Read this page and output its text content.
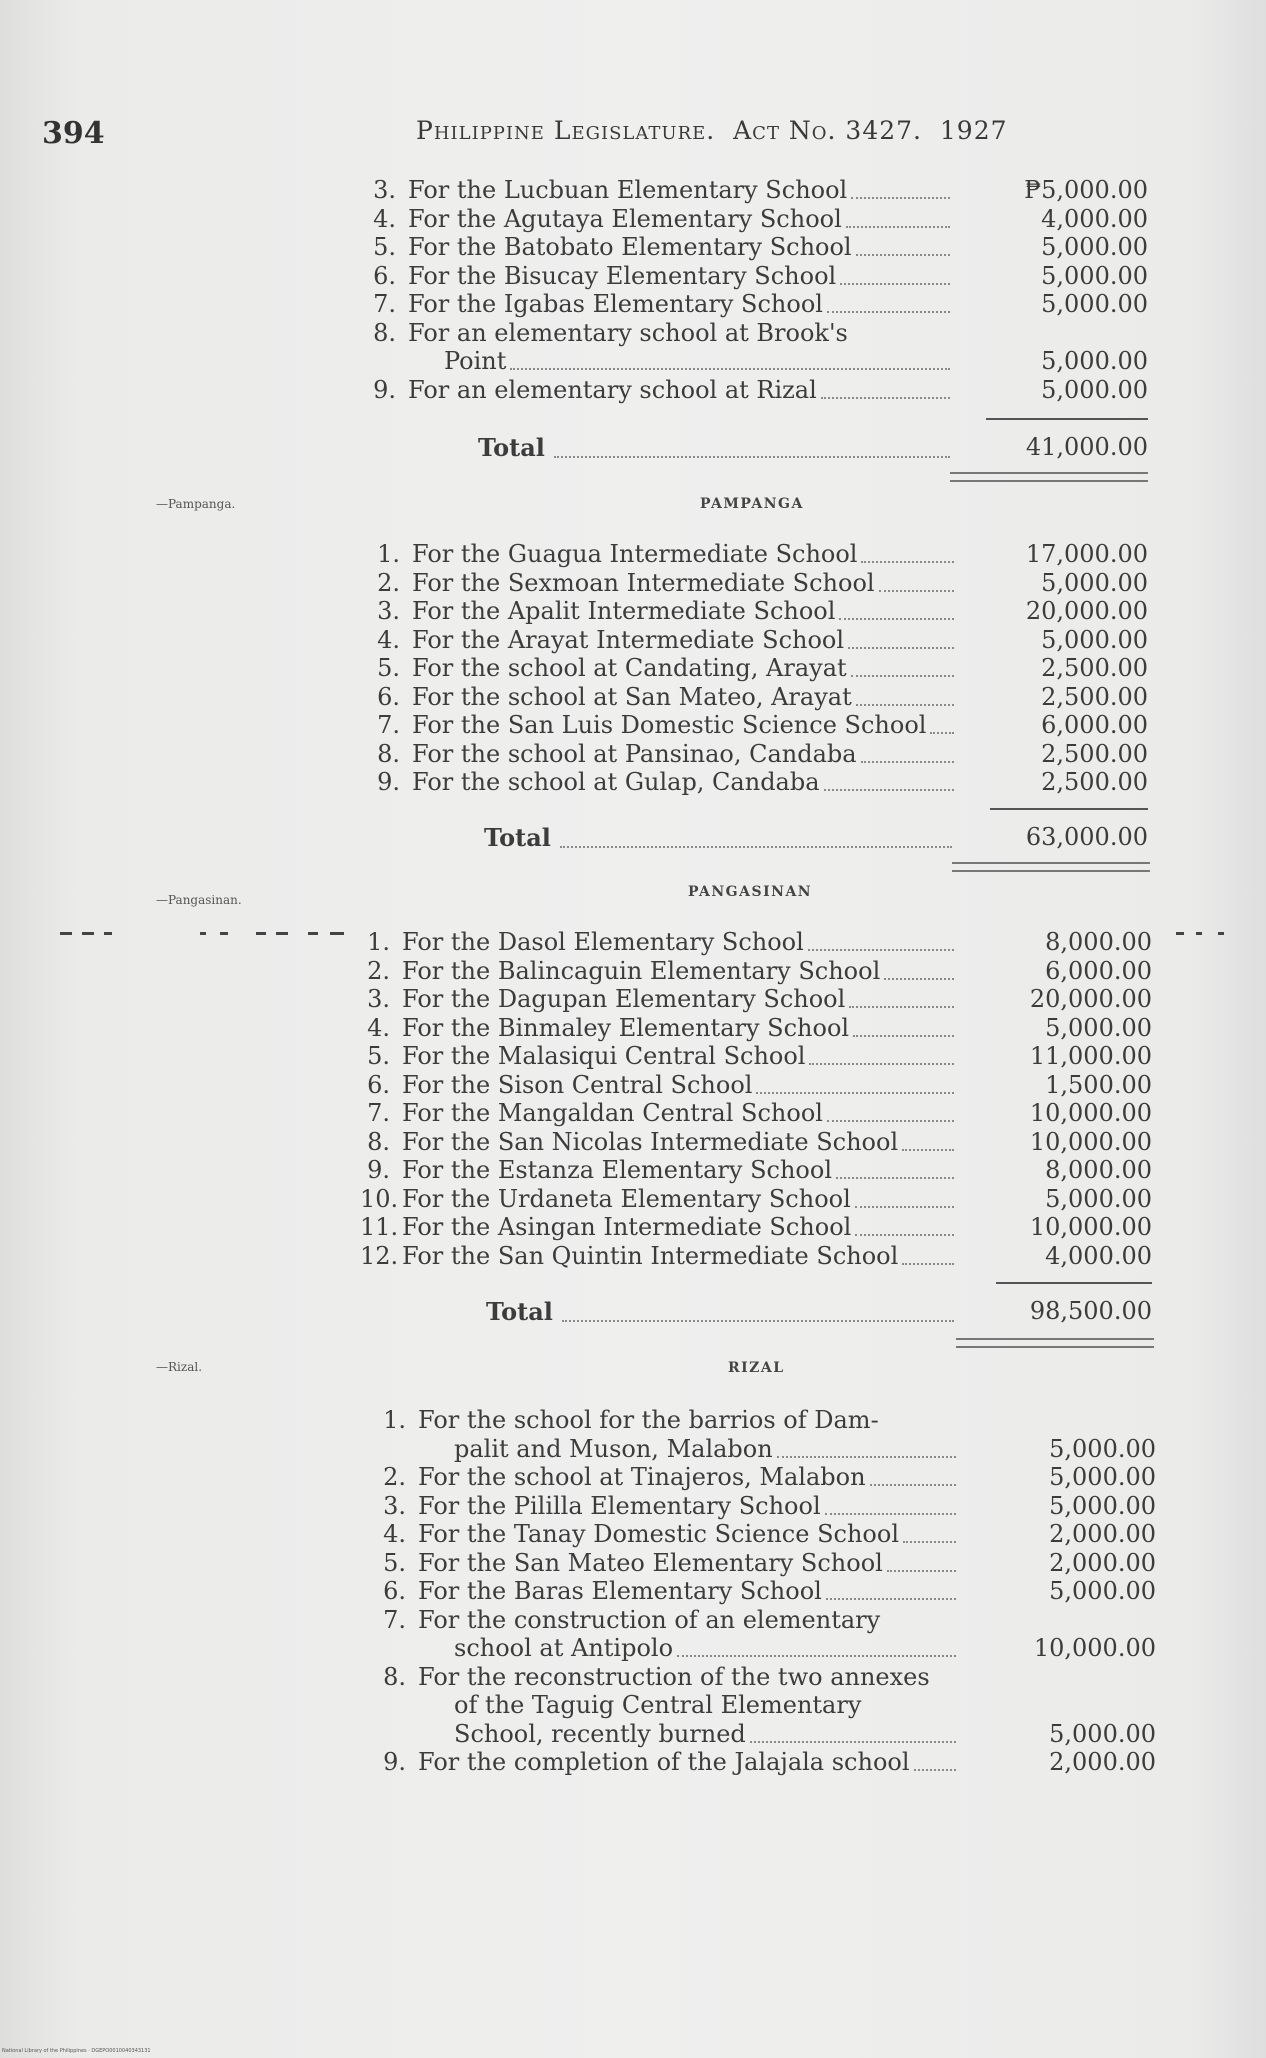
394	Philippine Legislature. Act No. 3427. 1927
3. For the Lucbuan Elementary School	₱5,000.00
4. For the Agutaya Elementary School	4,000.00
5. For the Batobato Elementary School	5,000.00
6. For the Bisucay Elementary School	5,000.00
7. For the Igabas Elementary School	5,000.00
8. For an elementary school at Brook's
Point	5,000.00
9. For an elementary school at Rizal	5,000.00
Total	41,000.00
—Pampanga.	PAMPANGA
1. For the Guagua Intermediate School	17,000.00
2. For the Sexmoan Intermediate School	5,000.00
3. For the Apalit Intermediate School	20,000.00
4. For the Arayat Intermediate School	5,000.00
5. For the school at Candating, Arayat	2,500.00
6. For the school at San Mateo, Arayat	2,500.00
7. For the San Luis Domestic Science School	6,000.00
8. For the school at Pansinao, Candaba	2,500.00
9. For the school at Gulap, Candaba	2,500.00
Total	63,000.00
—Pangasinan.	PANGASINAN
1. For the Dasol Elementary School	8,000.00
2. For the Balincaguin Elementary School	6,000.00
3. For the Dagupan Elementary School	20,000.00
4. For the Binmaley Elementary School	5,000.00
5. For the Malasiqui Central School	11,000.00
6. For the Sison Central School	1,500.00
7. For the Mangaldan Central School	10,000.00
8. For the San Nicolas Intermediate School	10,000.00
9. For the Estanza Elementary School	8,000.00
10. For the Urdaneta Elementary School	5,000.00
11. For the Asingan Intermediate School	10,000.00
12. For the San Quintin Intermediate School	4,000.00
Total	98,500.00
—Rizal.	RIZAL
1. For the school for the barrios of Dam-
palit and Muson, Malabon	5,000.00
2. For the school at Tinajeros, Malabon	5,000.00
3. For the Pililla Elementary School	5,000.00
4. For the Tanay Domestic Science School	2,000.00
5. For the San Mateo Elementary School	2,000.00
6. For the Baras Elementary School	5,000.00
7. For the construction of an elementary
school at Antipolo	10,000.00
8. For the reconstruction of the two annexes
of the Taguig Central Elementary
School, recently burned	5,000.00
9. For the completion of the Jalajala school	2,000.00
National Library of the Philippines · DGEPO0010040343131
